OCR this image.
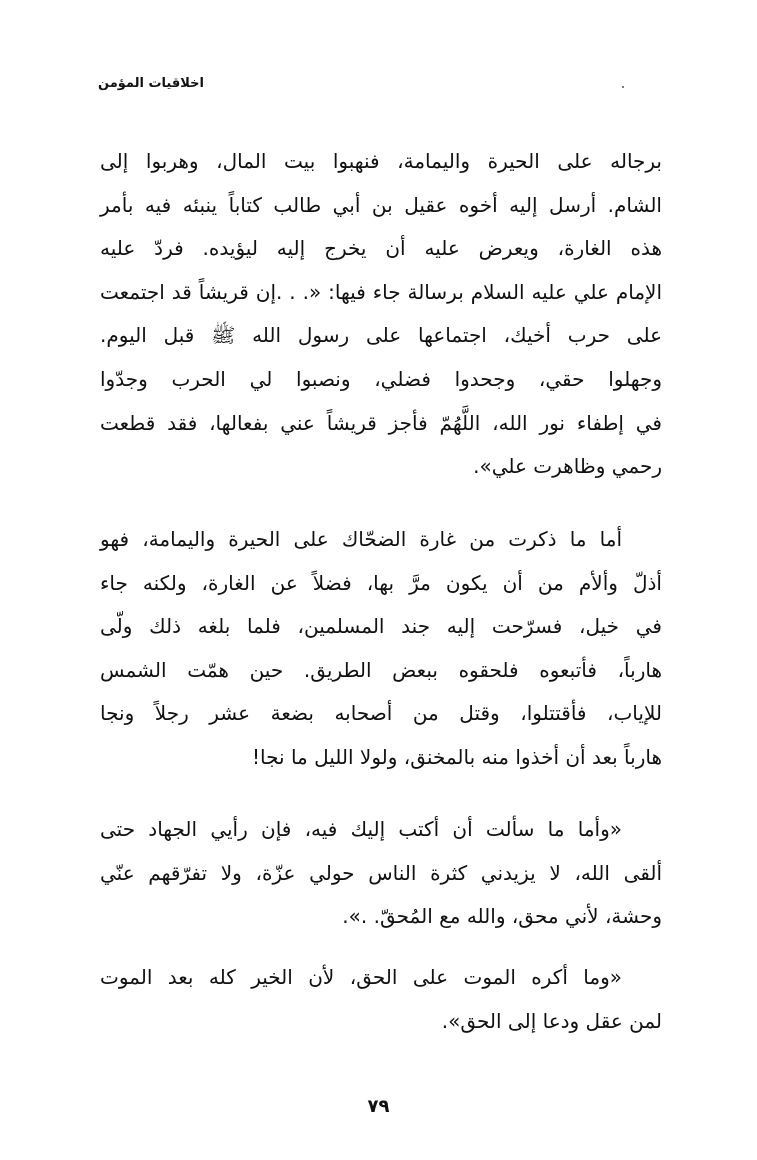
اخلاقيات المؤمن
برجاله على الحيرة واليمامة، فنهبوا بيت المال، وهربوا إلى
الشام. أرسل إليه أخوه عقيل بن أبي طالب كتاباً ينبئه فيه بأمر
هذه الغارة، ويعرض عليه أن يخرج إليه ليؤيده. فردّ عليه
الإمام علي عليه السلام برسالة جاء فيها: «. . .إن قريشاً قد اجتمعت
على حرب أخيك، اجتماعها على رسول الله ﷺ قبل اليوم.
وجهلوا حقي، وجحدوا فضلي، ونصبوا لي الحرب وجدّوا
في إطفاء نور الله، اللَّهُمّ فأجز قريشاً عني بفعالها، فقد قطعت
رحمي وظاهرت علي».
أما ما ذكرت من غارة الضحّاك على الحيرة واليمامة، فهو
أذلّ وألأم من أن يكون مرَّ بها، فضلاً عن الغارة، ولكنه جاء
في خيل، فسرّحت إليه جند المسلمين، فلما بلغه ذلك ولّى
هارباً، فأتبعوه فلحقوه ببعض الطريق. حين همّت الشمس
للإياب، فأقتتلوا، وقتل من أصحابه بضعة عشر رجلاً ونجا
هارباً بعد أن أخذوا منه بالمخنق، ولولا الليل ما نجا!
«وأما ما سألت أن أكتب إليك فيه، فإن رأيي الجهاد حتى
ألقى الله، لا يزيدني كثرة الناس حولي عزّة، ولا تفرّقهم عنّي
وحشة، لأني محق، والله مع المُحقّ. .».
«وما أكره الموت على الحق، لأن الخير كله بعد الموت
لمن عقل ودعا إلى الحق».
٧٩
